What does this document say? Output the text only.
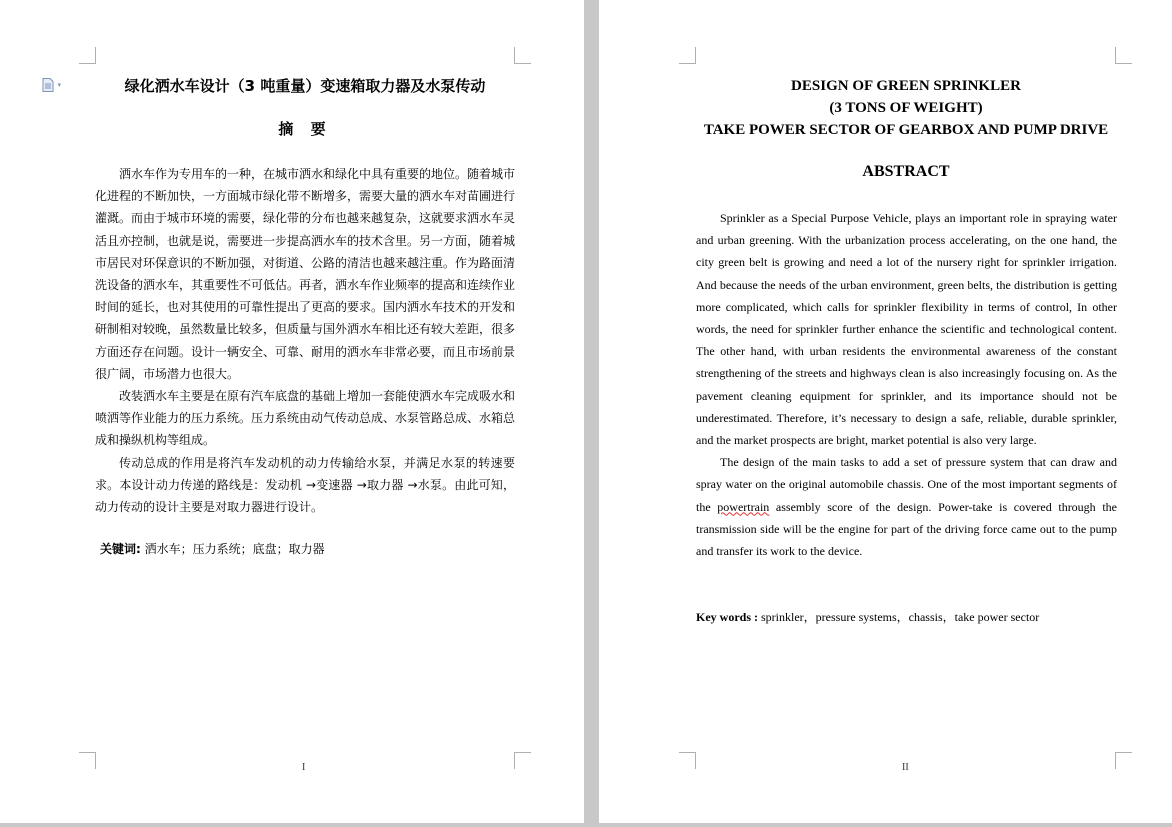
▾	绿化洒水车设计（3 吨重量）变速箱取力器及水泵传动
摘 要

洒水车作为专用车的一种，在城市洒水和绿化中具有重要的地位。随着城市化进程的不断加快，一方面城市绿化带不断增多，需要大量的洒水车对苗圃进行灌溉。而由于城市环境的需要，绿化带的分布也越来越复杂，这就要求洒水车灵活且亦控制，也就是说，需要进一步提高洒水车的技术含里。另一方面，随着城市居民对环保意识的不断加强，对街道、公路的清洁也越来越注重。作为路面清洗设备的洒水车，其重要性不可低估。再者，洒水车作业频率的提高和连续作业时间的延长，也对其使用的可靠性提出了更高的要求。国内洒水车技术的开发和研制相对较晚，虽然数量比较多，但质量与国外洒水车相比还有较大差距，很多方面还存在问题。设计一辆安全、可靠、耐用的洒水车非常必要，而且市场前景很广阔，市场潜力也很大。

改装洒水车主要是在原有汽车底盘的基础上增加一套能使洒水车完成吸水和喷洒等作业能力的压力系统。压力系统由动气传动总成、水泵管路总成、水箱总成和操纵机构等组成。

传动总成的作用是将汽车发动机的动力传输给水泵，并满足水泵的转速要求。本设计动力传递的路线是：发动机 →变速器 →取力器 →水泵。由此可知，动力传动的设计主要是对取力器进行设计。

关键词: 洒水车；压力系统；底盘；取力器
I
DESIGN OF GREEN SPRINKLER
(3 TONS OF WEIGHT)
TAKE POWER SECTOR OF GEARBOX AND PUMP DRIVE
ABSTRACT

Sprinkler as a Special Purpose Vehicle, plays an important role in spraying water and urban greening. With the urbanization process accelerating, on the one hand, the city green belt is growing and need a lot of the nursery right for sprinkler irrigation. And because the needs of the urban environment, green belts, the distribution is getting more complicated, which calls for sprinkler flexibility in terms of control, In other words, the need for sprinkler further enhance the scientific and technological content. The other hand, with urban residents the environmental awareness of the constant strengthening of the streets and highways clean is also increasingly focusing on. As the pavement cleaning equipment for sprinkler, and its importance should not be underestimated. Therefore, it’s necessary to design a safe, reliable, durable sprinkler, and the market prospects are bright, market potential is also very large.

The design of the main tasks to add a set of pressure system that can draw and spray water on the original automobile chassis. One of the most important segments of the powertrain assembly score of the design. Power-take is covered through the transmission side will be the engine for part of the driving force came out to the pump and transfer its work to the device.

Key words : sprinkler，pressure systems，chassis，take power sector
II
